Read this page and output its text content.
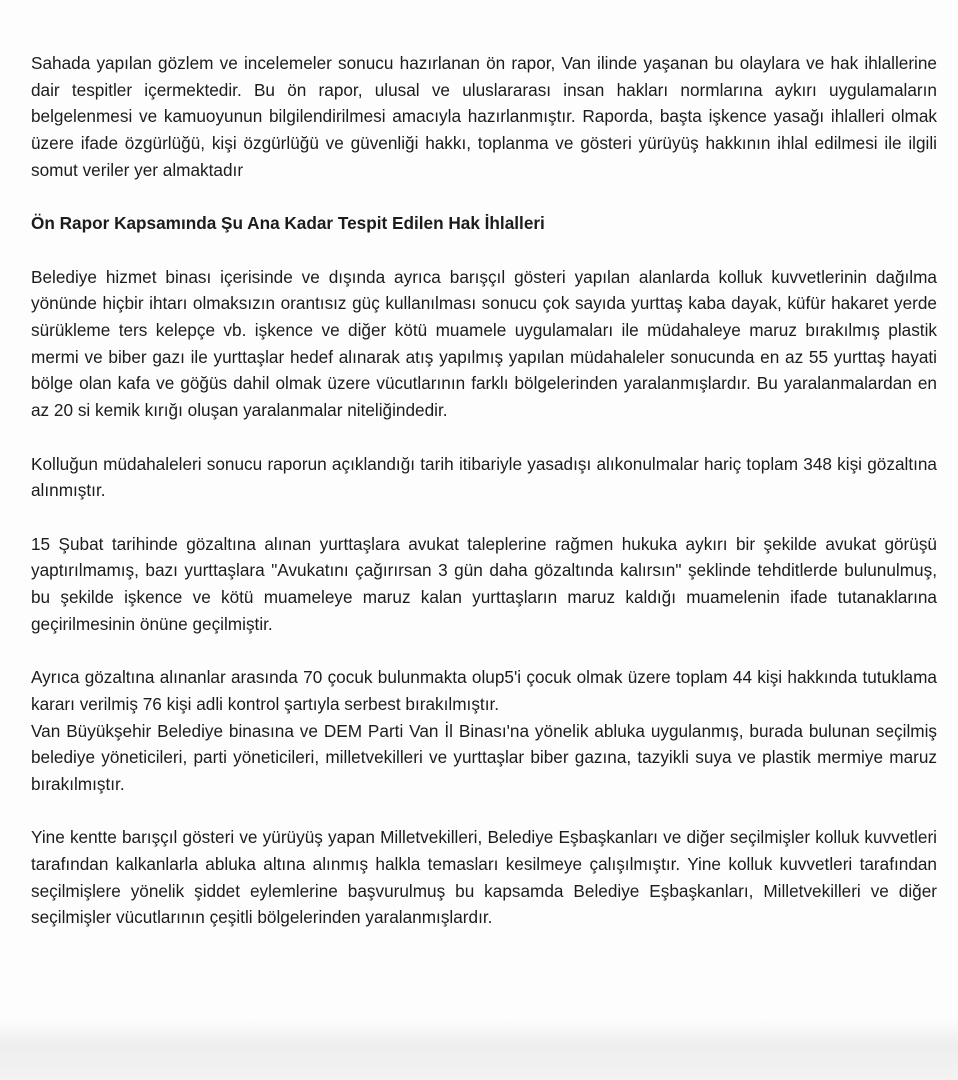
Sahada yapılan gözlem ve incelemeler sonucu hazırlanan ön rapor, Van ilinde yaşanan bu olaylara ve hak ihlallerine dair tespitler içermektedir. Bu ön rapor, ulusal ve uluslararası insan hakları normlarına aykırı uygulamaların belgelenmesi ve kamuoyunun bilgilendirilmesi amacıyla hazırlanmıştır. Raporda, başta işkence yasağı ihlalleri olmak üzere ifade özgürlüğü, kişi özgürlüğü ve güvenliği hakkı, toplanma ve gösteri yürüyüş hakkının ihlal edilmesi ile ilgili somut veriler yer almaktadır

Ön Rapor Kapsamında Şu Ana Kadar Tespit Edilen Hak İhlalleri

Belediye hizmet binası içerisinde ve dışında ayrıca barışçıl gösteri yapılan alanlarda kolluk kuvvetlerinin dağılma yönünde hiçbir ihtarı olmaksızın orantısız güç kullanılması sonucu çok sayıda yurttaş kaba dayak, küfür hakaret yerde sürükleme ters kelepçe vb. işkence ve diğer kötü muamele uygulamaları ile müdahaleye maruz bırakılmış plastik mermi ve biber gazı ile yurttaşlar hedef alınarak atış yapılmış yapılan müdahaleler sonucunda en az 55 yurttaş hayati bölge olan kafa ve göğüs dahil olmak üzere vücutlarının farklı bölgelerinden yaralanmışlardır. Bu yaralanmalardan en az 20 si kemik kırığı oluşan yaralanmalar niteliğindedir.

Kolluğun müdahaleleri sonucu raporun açıklandığı tarih itibariyle yasadışı alıkonulmalar hariç toplam 348 kişi gözaltına alınmıştır.

15 Şubat tarihinde gözaltına alınan yurttaşlara avukat taleplerine rağmen hukuka aykırı bir şekilde avukat görüşü yaptırılmamış, bazı yurttaşlara "Avukatını çağırırsan 3 gün daha gözaltında kalırsın" şeklinde tehditlerde bulunulmuş, bu şekilde işkence ve kötü muameleye maruz kalan yurttaşların maruz kaldığı muamelenin ifade tutanaklarına geçirilmesinin önüne geçilmiştir.

Ayrıca gözaltına alınanlar arasında 70 çocuk bulunmakta olup5'i çocuk olmak üzere toplam 44 kişi hakkında tutuklama kararı verilmiş 76 kişi adli kontrol şartıyla serbest bırakılmıştır.

Van Büyükşehir Belediye binasına ve DEM Parti Van İl Binası'na yönelik abluka uygulanmış, burada bulunan seçilmiş belediye yöneticileri, parti yöneticileri, milletvekilleri ve yurttaşlar biber gazına, tazyikli suya ve plastik mermiye maruz bırakılmıştır.

Yine kentte barışçıl gösteri ve yürüyüş yapan Milletvekilleri, Belediye Eşbaşkanları ve diğer seçilmişler kolluk kuvvetleri tarafından kalkanlarla abluka altına alınmış halkla temasları kesilmeye çalışılmıştır. Yine kolluk kuvvetleri tarafından seçilmişlere yönelik şiddet eylemlerine başvurulmuş bu kapsamda Belediye Eşbaşkanları, Milletvekilleri ve diğer seçilmişler vücutlarının çeşitli bölgelerinden yaralanmışlardır.
